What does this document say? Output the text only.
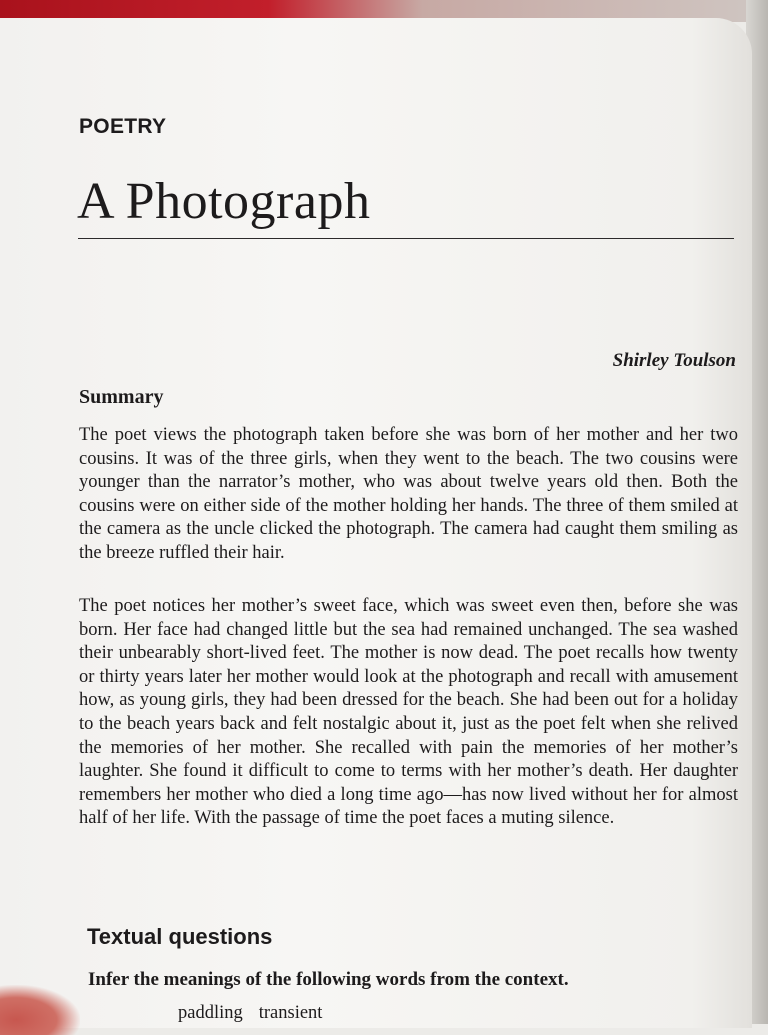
POETRY
A Photograph
Shirley Toulson
Summary

The poet views the photograph taken before she was born of her mother and her two cousins. It was of the three girls, when they went to the beach. The two cousins were younger than the narrator’s mother, who was about twelve years old then. Both the cousins were on either side of the mother holding her hands. The three of them smiled at the camera as the uncle clicked the photograph. The camera had caught them smiling as the breeze ruffled their hair.

The poet notices her mother’s sweet face, which was sweet even then, before she was born. Her face had changed little but the sea had remained unchanged. The sea washed their unbearably short-lived feet. The mother is now dead. The poet recalls how twenty or thirty years later her mother would look at the photograph and recall with amusement how, as young girls, they had been dressed for the beach. She had been out for a holiday to the beach years back and felt nostalgic about it, just as the poet felt when she relived the memories of her mother. She recalled with pain the memories of her mother’s laughter. She found it difficult to come to terms with her mother’s death. Her daughter remembers her mother who died a long time ago—has now lived without her for almost half of her life. With the passage of time the poet faces a muting silence.

Textual questions
Infer the meanings of the following words from the context.
paddling transient
